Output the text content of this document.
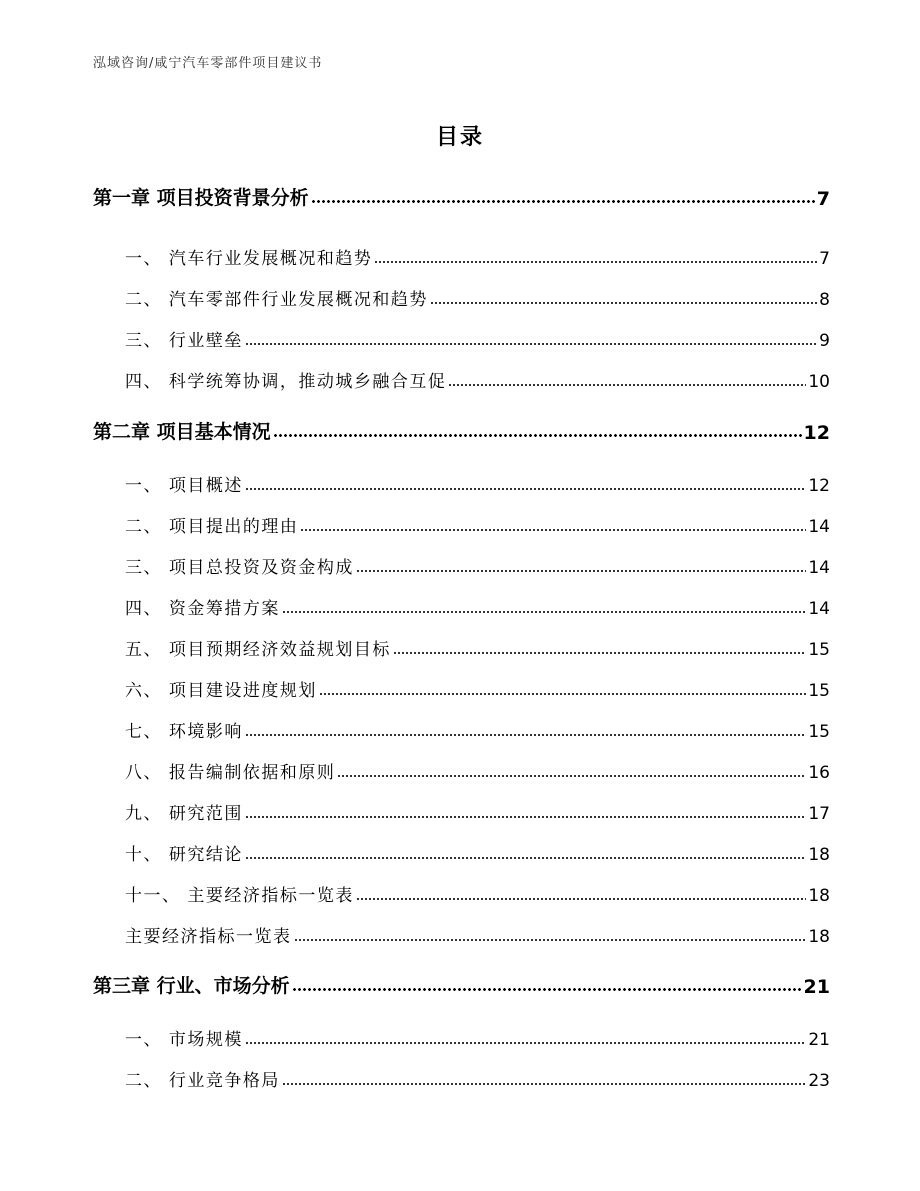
泓域咨询/咸宁汽车零部件项目建议书
目录
第一章 项目投资背景分析	7
一、 汽车行业发展概况和趋势	7
二、 汽车零部件行业发展概况和趋势	8
三、 行业壁垒	9
四、 科学统筹协调，推动城乡融合互促	10
第二章 项目基本情况	12
一、 项目概述	12
二、 项目提出的理由	14
三、 项目总投资及资金构成	14
四、 资金筹措方案	14
五、 项目预期经济效益规划目标	15
六、 项目建设进度规划	15
七、 环境影响	15
八、 报告编制依据和原则	16
九、 研究范围	17
十、 研究结论	18
十一、 主要经济指标一览表	18
主要经济指标一览表	18
第三章 行业、市场分析	21
一、 市场规模	21
二、 行业竞争格局	23
